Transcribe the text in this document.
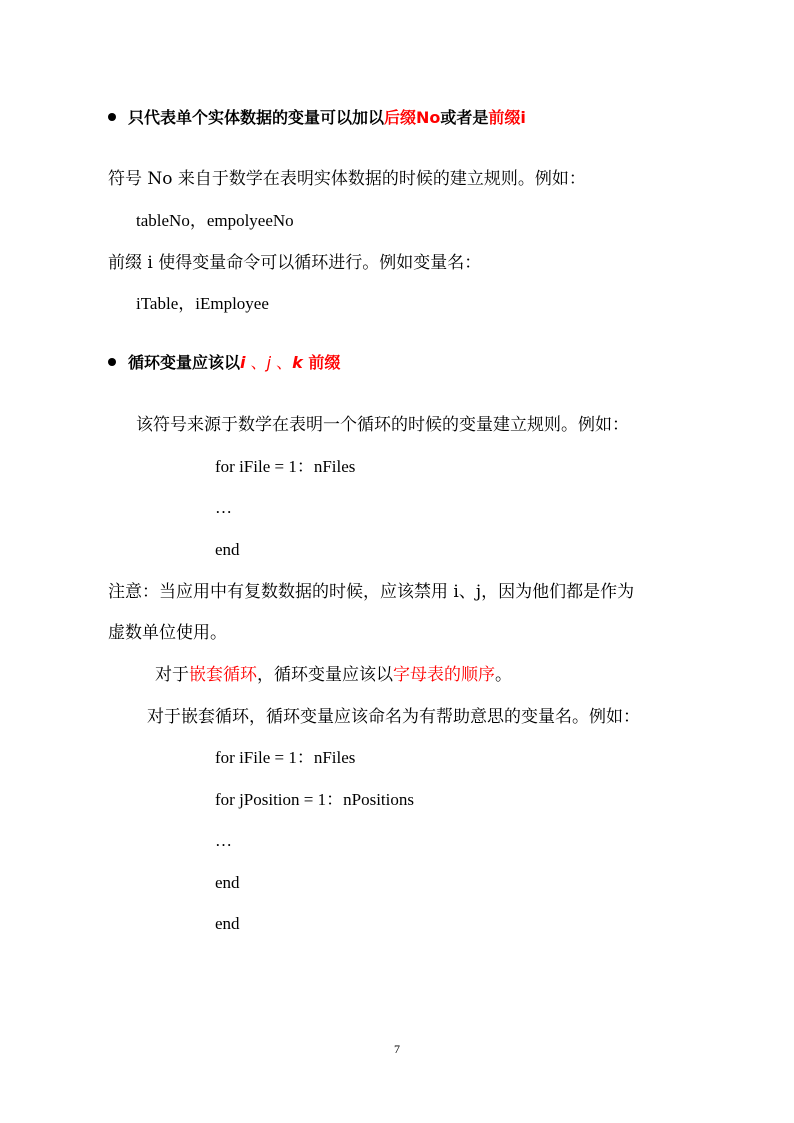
只代表单个实体数据的变量可以加以后缀No或者是前缀i
符号 No 来自于数学在表明实体数据的时候的建立规则。例如：
tableNo，empolyeeNo
前缀 i 使得变量命令可以循环进行。例如变量名：
iTable，iEmployee
循环变量应该以i 、j 、k 前缀
该符号来源于数学在表明一个循环的时候的变量建立规则。例如：
for iFile = 1：nFiles
…
end
注意：当应用中有复数数据的时候，应该禁用 i、j，因为他们都是作为
虚数单位使用。
对于嵌套循环，循环变量应该以字母表的顺序。
对于嵌套循环，循环变量应该命名为有帮助意思的变量名。例如：
for iFile = 1：nFiles
for jPosition = 1：nPositions
…
end
end
7
